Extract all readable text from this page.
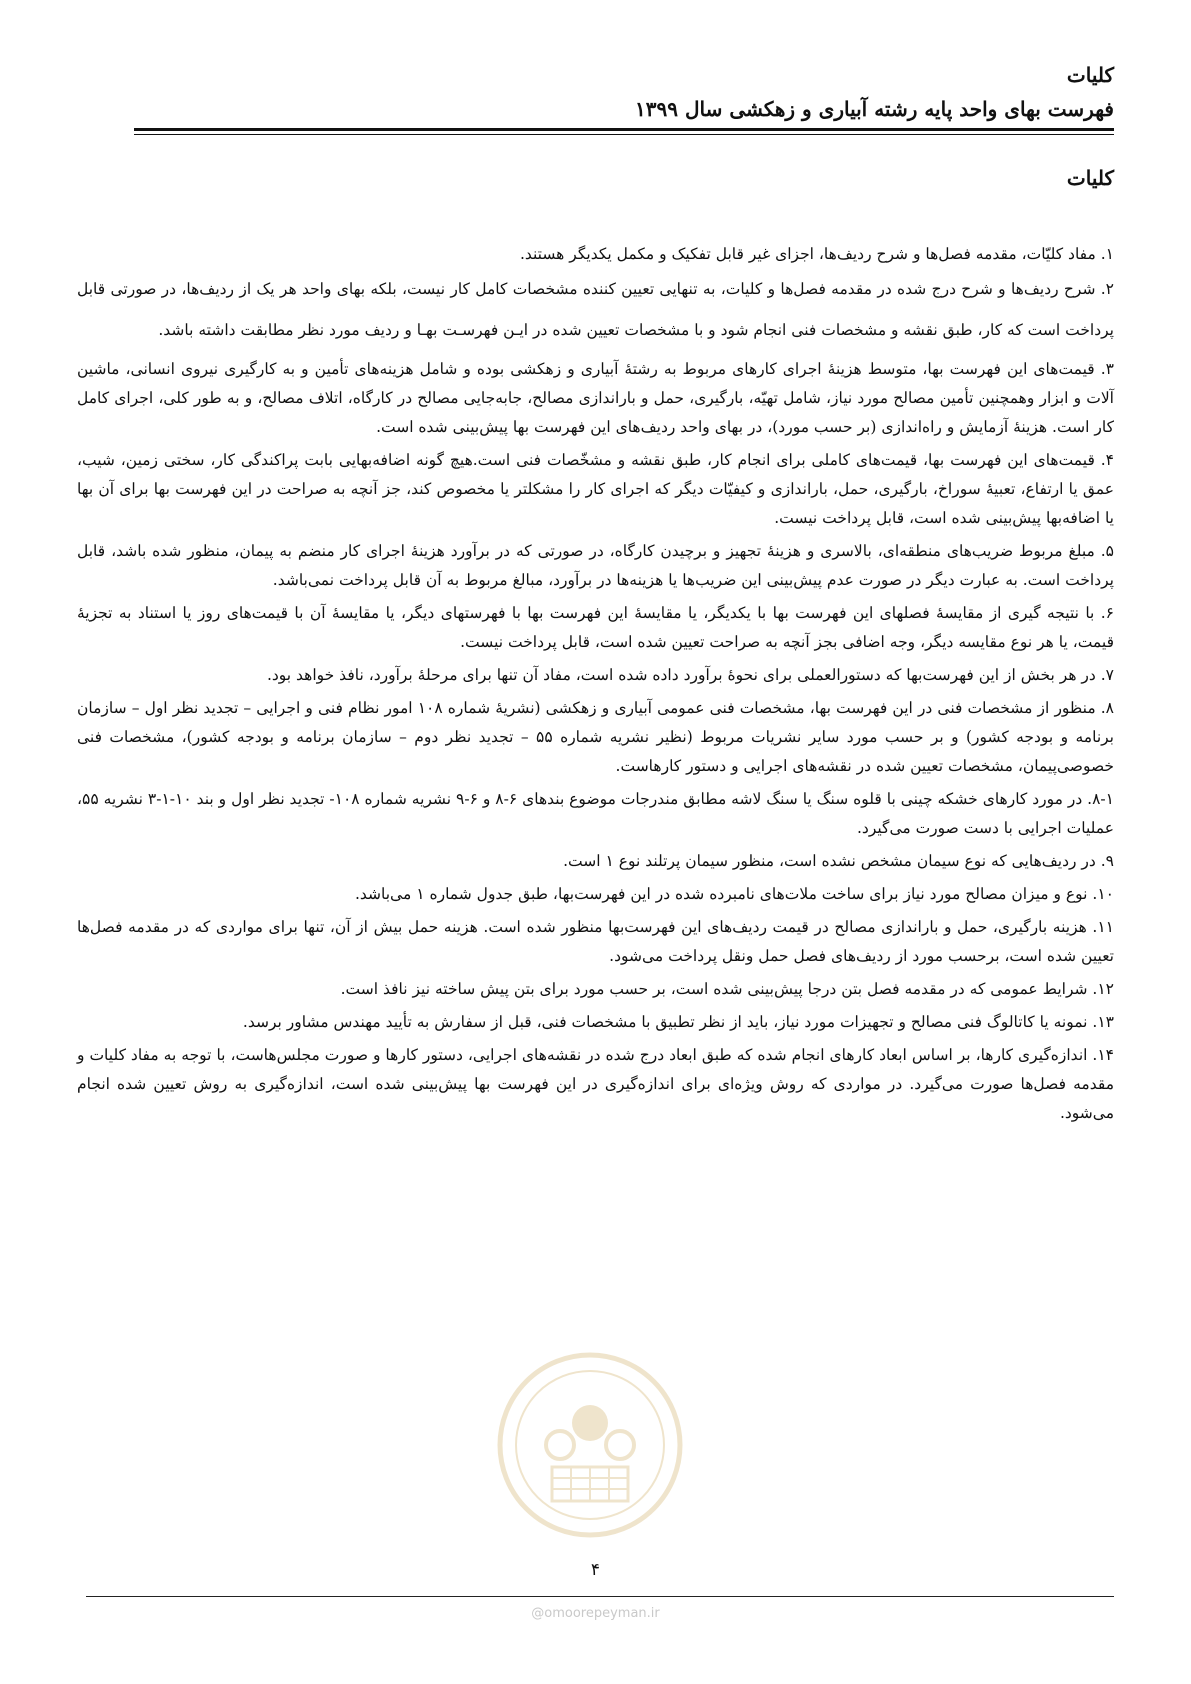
کلیات
فهرست بهای واحد پایه رشته آبیاری و زهکشی سال ۱۳۹۹
کلیات

۱. مفاد کلیّات، مقدمه فصل‌ها و شرح ردیف‌ها، اجزای غیر قابل تفکیک و مکمل یکدیگر هستند.

۲. شرح ردیف‌ها و شرح درج شده در مقدمه فصل‌ها و کلیات، به تنهایی تعیین کننده مشخصات کامل کار نیست، بلکه بهای واحد هر یک از ردیف‌ها، در صورتی قابل پرداخت است که کار، طبق نقشه و مشخصات فنی انجام شود و با مشخصات تعیین شده در ایـن فهرسـت بهـا و ردیف مورد نظر مطابقت داشته باشد.

۳. قیمت‌های این فهرست بها، متوسط هزینهٔ اجرای کارهای مربوط به رشتهٔ آبیاری و زهکشی بوده و شامل هزینه‌های تأمین و به کارگیری نیروی انسانی، ماشین آلات و ابزار وهمچنین تأمین مصالح مورد نیاز، شامل تهیّه، بارگیری، حمل و باراندازی مصالح، جابه‌جایی مصالح در کارگاه، اتلاف مصالح، و به طور کلی، اجرای کامل کار است. هزینهٔ آزمایش و راه‌اندازی (بر حسب مورد)، در بهای واحد ردیف‌های این فهرست بها پیش‌بینی شده است.

۴. قیمت‌های این فهرست بها، قیمت‌های کاملی برای انجام کار، طبق نقشه و مشخّصات فنی است.هیچ گونه اضافه‌بهایی بابت پراکندگی کار، سختی زمین، شیب، عمق یا ارتفاع، تعبیهٔ سوراخ، بارگیری، حمل، باراندازی و کیفیّات دیگر که اجرای کار را مشکلتر یا مخصوص کند، جز آنچه به صراحت در این فهرست بها برای آن بها یا اضافه‌بها پیش‌بینی شده است، قابل پرداخت نیست.

۵. مبلغ مربوط ضریب‌های منطقه‌ای، بالاسری و هزینهٔ تجهیز و برچیدن کارگاه، در صورتی که در برآورد هزینهٔ اجرای کار منضم به پیمان، منظور شده باشد، قابل پرداخت است. به عبارت دیگر در صورت عدم پیش‌بینی این ضریب‌ها یا هزینه‌ها در برآورد، مبالغ مربوط به آن قابل پرداخت نمی‌باشد.

۶. با نتیجه گیری از مقایسهٔ فصلهای این فهرست بها با یکدیگر، یا مقایسهٔ این فهرست بها با فهرستهای دیگر، یا مقایسهٔ آن با قیمت‌های روز یا استناد به تجزیهٔ قیمت، یا هر نوع مقایسه دیگر، وجه اضافی بجز آنچه به صراحت تعیین شده است، قابل پرداخت نیست.

۷. در هر بخش از این فهرست‌بها که دستورالعملی برای نحوهٔ برآورد داده شده است، مفاد آن تنها برای مرحلهٔ برآورد، نافذ خواهد بود.

۸. منظور از مشخصات فنی در این فهرست بها، مشخصات فنی عمومی آبیاری و زهکشی (نشریهٔ شماره ۱۰۸ امور نظام فنی و اجرایی – تجدید نظر اول – سازمان برنامه و بودجه کشور) و بر حسب مورد سایر نشریات مربوط (نظیر نشریه شماره ۵۵ – تجدید نظر دوم – سازمان برنامه و بودجه کشور)، مشخصات فنی خصوصی‌پیمان، مشخصات تعیین شده در نقشه‌های اجرایی و دستور کارهاست.

۸-۱. در مورد کارهای خشکه چینی با قلوه سنگ یا سنگ لاشه مطابق مندرجات موضوع بندهای ۶-۸ و ۶-۹ نشریه شماره ۱۰۸- تجدید نظر اول و بند ۱۰-۱-۳ نشریه ۵۵، عملیات اجرایی با دست صورت می‌گیرد.

۹. در ردیف‌هایی که نوع سیمان مشخص نشده است، منظور سیمان پرتلند نوع ۱ است.

۱۰. نوع و میزان مصالح مورد نیاز برای ساخت ملات‌های نامبرده شده در این فهرست‌بها، طبق جدول شماره ۱ می‌باشد.

۱۱. هزینه بارگیری، حمل و باراندازی مصالح در قیمت ردیف‌های این فهرست‌بها منظور شده است. هزینه حمل بیش از آن، تنها برای مواردی که در مقدمه فصل‌ها تعیین شده است، برحسب مورد از ردیف‌های فصل حمل ونقل پرداخت می‌شود.

۱۲. شرایط عمومی که در مقدمه فصل بتن درجا پیش‌بینی شده است، بر حسب مورد برای بتن پیش ساخته نیز نافذ است.

۱۳. نمونه یا کاتالوگ فنی مصالح و تجهیزات مورد نیاز، باید از نظر تطبیق با مشخصات فنی، قبل از سفارش به تأیید مهندس مشاور برسد.

۱۴. اندازه‌گیری کارها، بر اساس ابعاد کارهای انجام شده که طبق ابعاد درج شده در نقشه‌های اجرایی، دستور کارها و صورت مجلس‌هاست، با توجه به مفاد کلیات و مقدمه فصل‌ها صورت می‌گیرد. در مواردی که روش ویژه‌ای برای اندازه‌گیری در این فهرست بها پیش‌بینی شده است، اندازه‌گیری به روش تعیین شده انجام می‌شود.

۴
@omoorepeyman.ir
